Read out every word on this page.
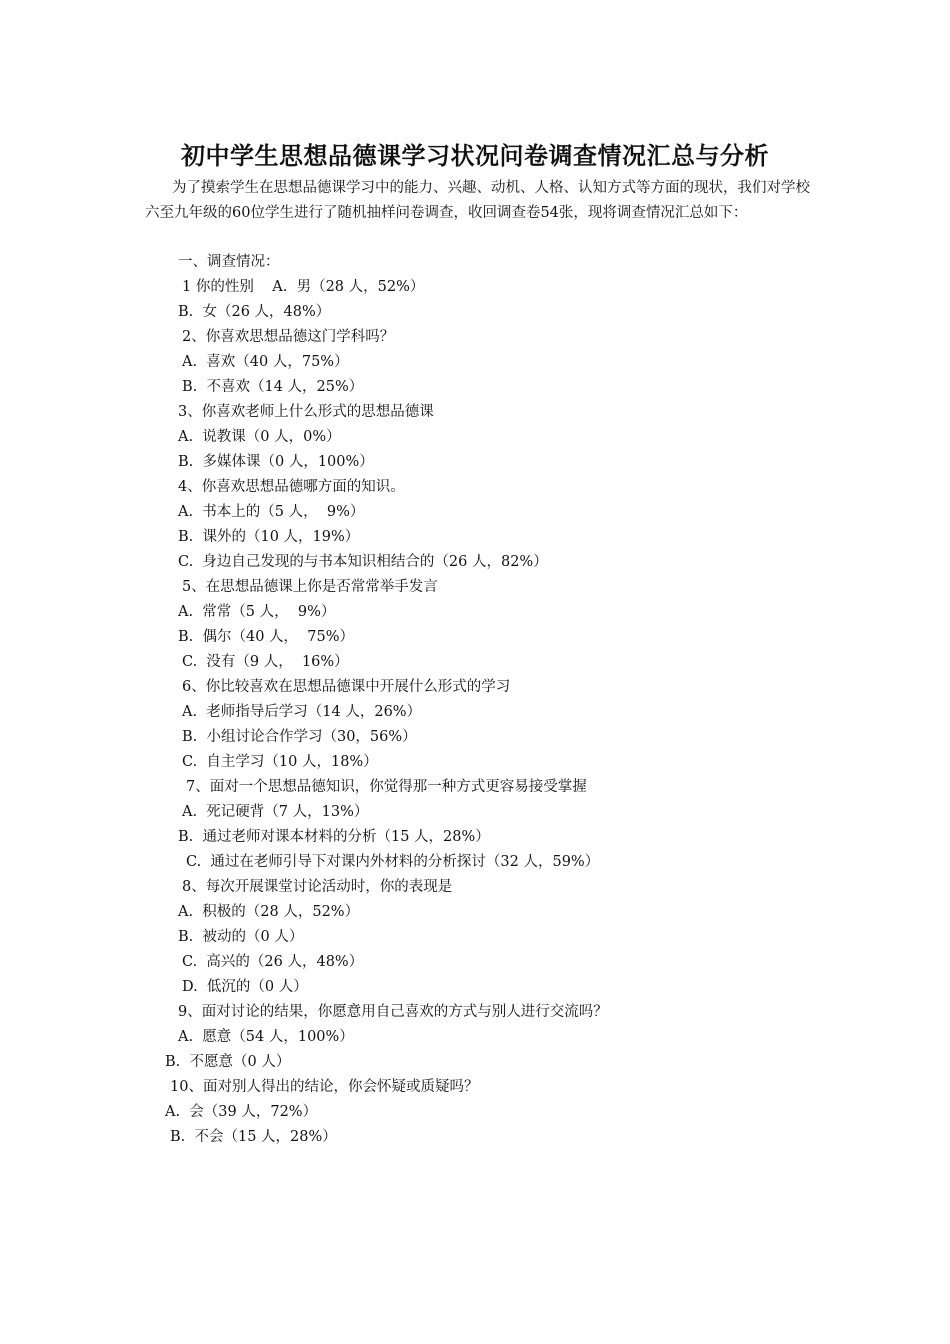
初中学生思想品德课学习状况问卷调查情况汇总与分析
为了摸索学生在思想品德课学习中的能力、兴趣、动机、人格、认知方式等方面的现状，我们对学校六至九年级的60位学生进行了随机抽样问卷调查，收回调查卷54张，现将调查情况汇总如下：
一、调查情况：
1 你的性别    A.  男（28 人，52%）
B.  女（26 人，48%）
2、你喜欢思想品德这门学科吗？
A.  喜欢（40 人，75%）
B.  不喜欢（14 人，25%）
3、你喜欢老师上什么形式的思想品德课
A.  说教课（0 人，0%）
B.  多媒体课（0 人，100%）
4、你喜欢思想品德哪方面的知识。
A.  书本上的（5 人，  9%）
B.  课外的（10 人，19%）
C.  身边自己发现的与书本知识相结合的（26 人，82%）
5、在思想品德课上你是否常常举手发言
A.  常常（5 人，  9%）
B.  偶尔（40 人，  75%）
C.  没有（9 人，  16%）
6、你比较喜欢在思想品德课中开展什么形式的学习
A.  老师指导后学习（14 人，26%）
B.  小组讨论合作学习（30，56%）
C.  自主学习（10 人，18%）
7、面对一个思想品德知识，你觉得那一种方式更容易接受掌握
A.  死记硬背（7 人，13%）
B.  通过老师对课本材料的分析（15 人，28%）
C.  通过在老师引导下对课内外材料的分析探讨（32 人，59%）
8、每次开展课堂讨论活动时，你的表现是
A.  积极的（28 人，52%）
B.  被动的（0 人）
C.  高兴的（26 人，48%）
D.  低沉的（0 人）
9、面对讨论的结果，你愿意用自己喜欢的方式与别人进行交流吗？
A.  愿意（54 人，100%）
B.  不愿意（0 人）
10、面对别人得出的结论，你会怀疑或质疑吗？
A.  会（39 人，72%）
B.  不会（15 人，28%）
